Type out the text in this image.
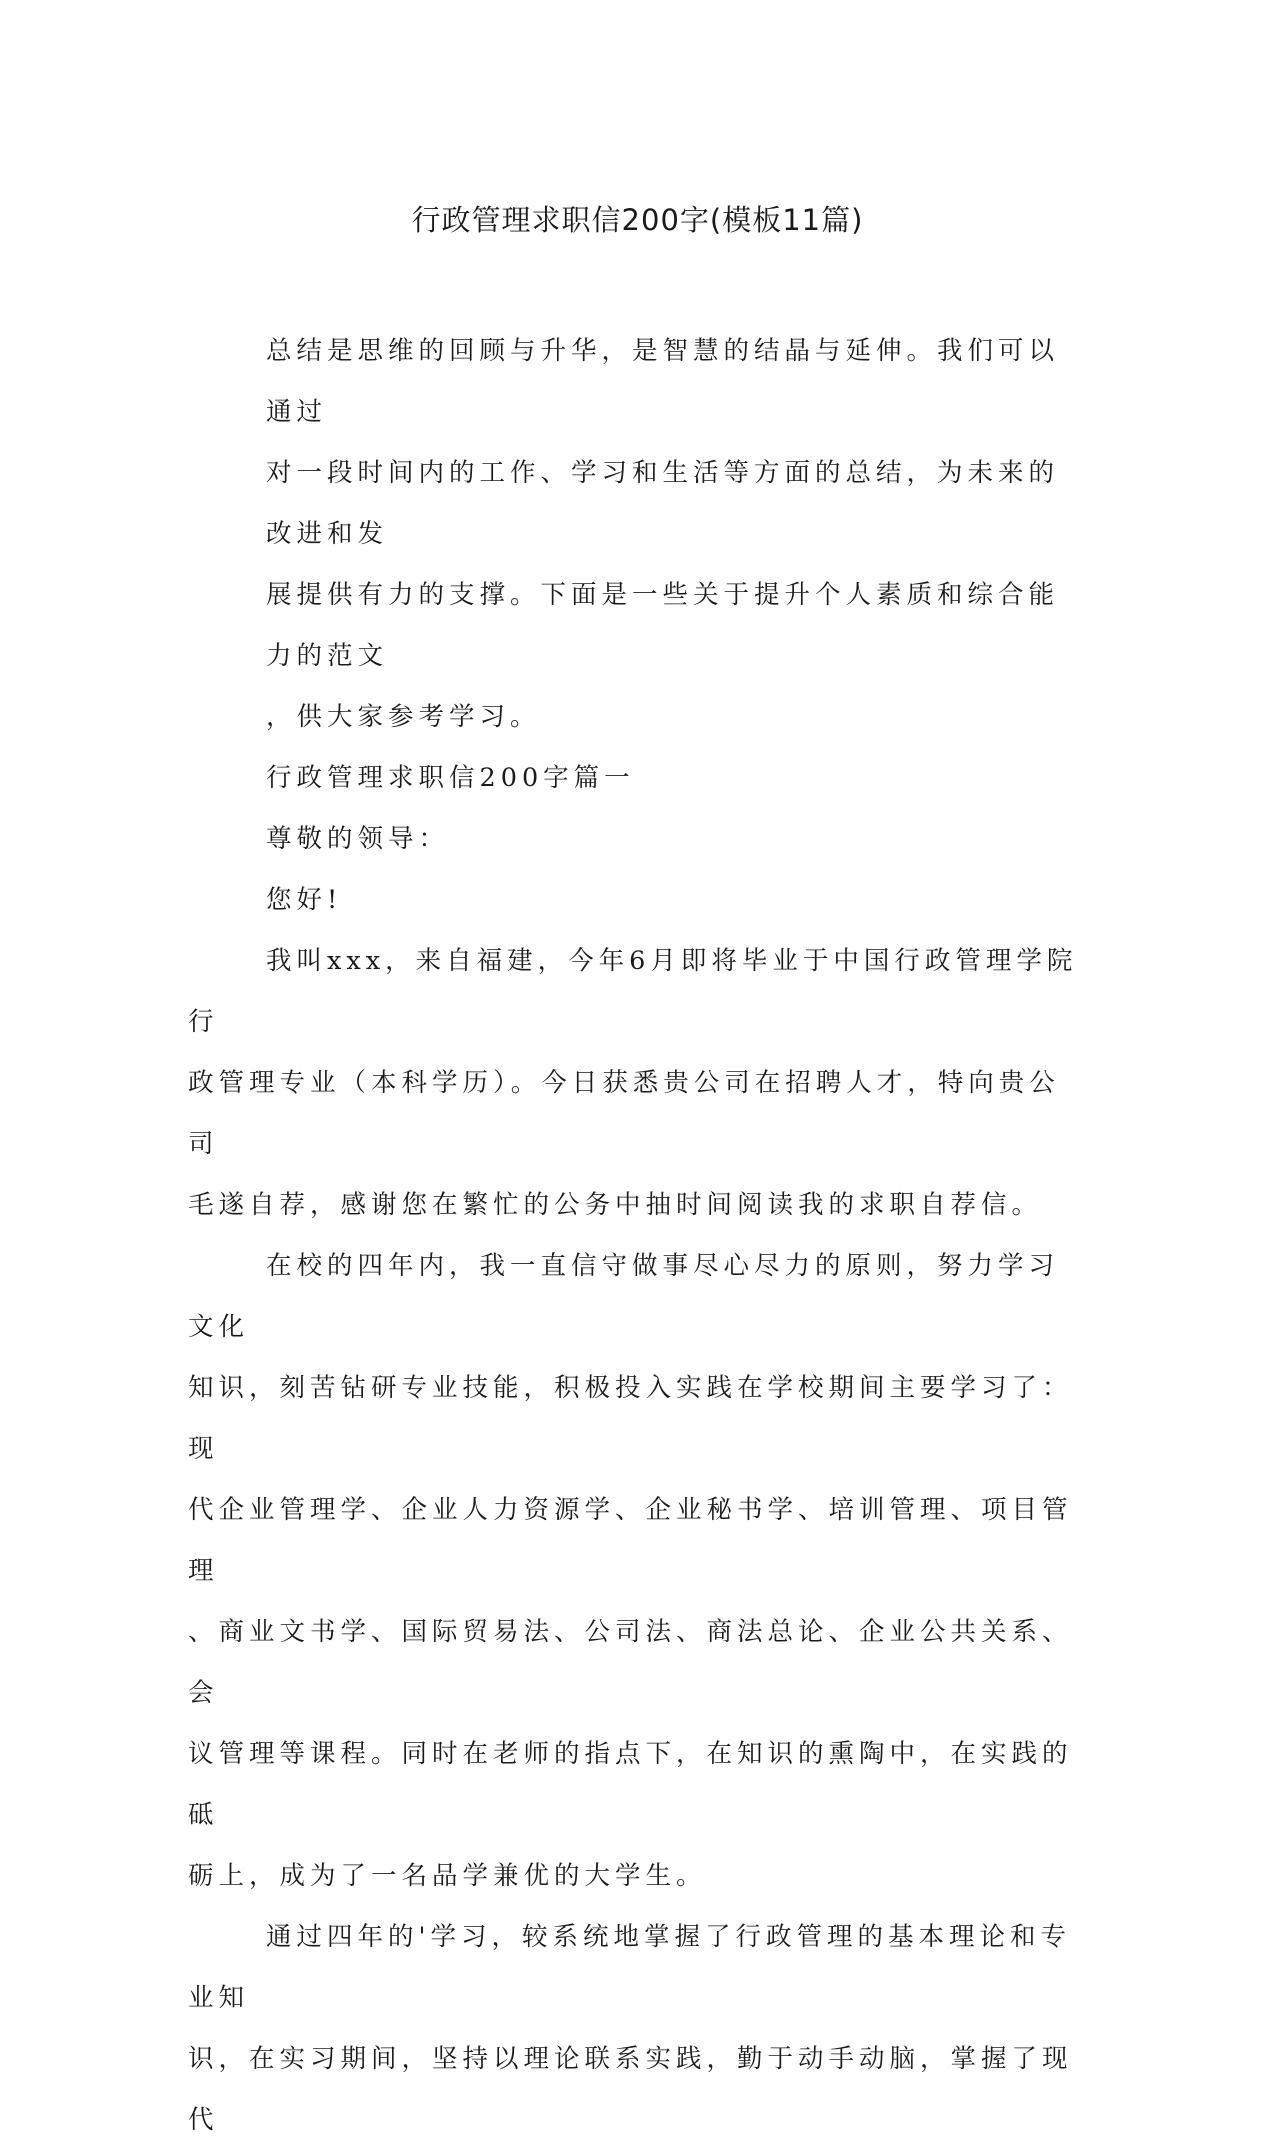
行政管理求职信200字(模板11篇)

总结是思维的回顾与升华，是智慧的结晶与延伸。我们可以通过
对一段时间内的工作、学习和生活等方面的总结，为未来的改进和发
展提供有力的支撑。下面是一些关于提升个人素质和综合能力的范文
，供大家参考学习。

行政管理求职信200字篇一

尊敬的领导：

您好!

我叫xxx，来自福建，今年6月即将毕业于中国行政管理学院行
政管理专业（本科学历）。今日获悉贵公司在招聘人才，特向贵公司
毛遂自荐，感谢您在繁忙的公务中抽时间阅读我的求职自荐信。

在校的四年内，我一直信守做事尽心尽力的原则，努力学习文化
知识，刻苦钻研专业技能，积极投入实践在学校期间主要学习了：现
代企业管理学、企业人力资源学、企业秘书学、培训管理、项目管理
、商业文书学、国际贸易法、公司法、商法总论、企业公共关系、会
议管理等课程。同时在老师的指点下，在知识的熏陶中，在实践的砥
砺上，成为了一名品学兼优的大学生。

通过四年的'学习，较系统地掌握了行政管理的基本理论和专业知
识，在实习期间，坚持以理论联系实践，勤于动手动脑，掌握了现代
